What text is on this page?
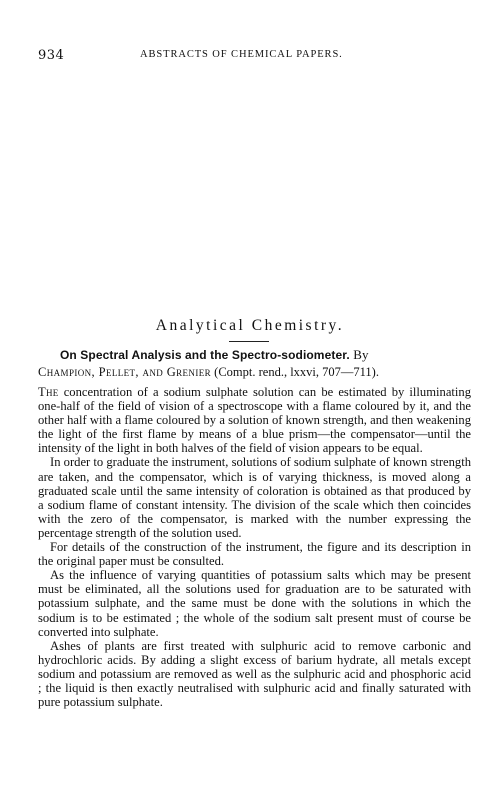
934	ABSTRACTS OF CHEMICAL PAPERS.
Analytical Chemistry.
On Spectral Analysis and the Spectro-sodiometer. By
Champion, Pellet, and Grenier (Compt. rend., lxxvi, 707—711).

The concentration of a sodium sulphate solution can be estimated by illuminating one-half of the field of vision of a spectroscope with a flame coloured by it, and the other half with a flame coloured by a solution of known strength, and then weakening the light of the first flame by means of a blue prism—the compensator—until the intensity of the light in both halves of the field of vision appears to be equal.

In order to graduate the instrument, solutions of sodium sulphate of known strength are taken, and the compensator, which is of varying thickness, is moved along a graduated scale until the same intensity of coloration is obtained as that produced by a sodium flame of constant intensity. The division of the scale which then coincides with the zero of the compensator, is marked with the number expressing the percentage strength of the solution used.

For details of the construction of the instrument, the figure and its description in the original paper must be consulted.

As the influence of varying quantities of potassium salts which may be present must be eliminated, all the solutions used for graduation are to be saturated with potassium sulphate, and the same must be done with the solutions in which the sodium is to be estimated ; the whole of the sodium salt present must of course be converted into sulphate.

Ashes of plants are first treated with sulphuric acid to remove carbonic and hydrochloric acids. By adding a slight excess of barium hydrate, all metals except sodium and potassium are removed as well as the sulphuric acid and phosphoric acid ; the liquid is then exactly neutralised with sulphuric acid and finally saturated with pure potassium sulphate.
